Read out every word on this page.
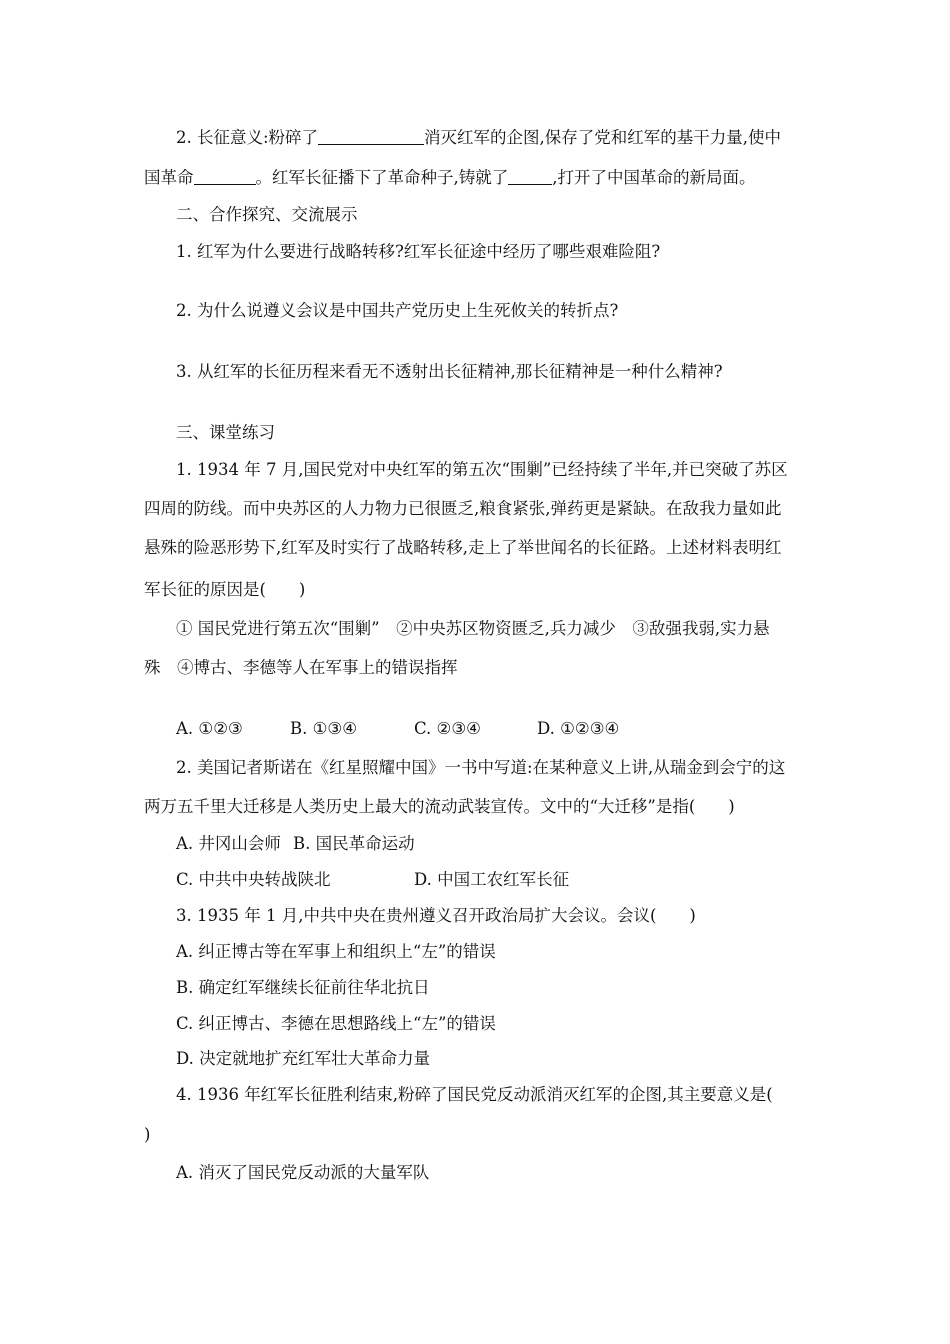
2. 长征意义:粉碎了	消灭红军的企图,保存了党和红军的基干力量,使中
国革命	。红军长征播下了革命种子,铸就了	,打开了中国革命的新局面。
二、合作探究、交流展示
1. 红军为什么要进行战略转移?红军长征途中经历了哪些艰难险阻?
2. 为什么说遵义会议是中国共产党历史上生死攸关的转折点?
3. 从红军的长征历程来看无不透射出长征精神,那长征精神是一种什么精神?
三、课堂练习
1. 1934 年 7 月,国民党对中央红军的第五次“围剿”已经持续了半年,并已突破了苏区
四周的防线。而中央苏区的人力物力已很匮乏,粮食紧张,弹药更是紧缺。在敌我力量如此
悬殊的险恶形势下,红军及时实行了战略转移,走上了举世闻名的长征路。上述材料表明红
军长征的原因是(　　)
① 国民党进行第五次“围剿”　②中央苏区物资匮乏,兵力减少　③敌强我弱,实力悬
殊　④博古、李德等人在军事上的错误指挥
A. ①②③	B. ①③④	C. ②③④	D. ①②③④
2. 美国记者斯诺在《红星照耀中国》一书中写道:在某种意义上讲,从瑞金到会宁的这
两万五千里大迁移是人类历史上最大的流动武装宣传。文中的“大迁移”是指(　　)
A. 井冈山会师 B. 国民革命运动
C. 中共中央转战陕北	D. 中国工农红军长征
3. 1935 年 1 月,中共中央在贵州遵义召开政治局扩大会议。会议(　　)
A. 纠正博古等在军事上和组织上“左”的错误
B. 确定红军继续长征前往华北抗日
C. 纠正博古、李德在思想路线上“左”的错误
D. 决定就地扩充红军壮大革命力量
4. 1936 年红军长征胜利结束,粉碎了国民党反动派消灭红军的企图,其主要意义是(
)
A. 消灭了国民党反动派的大量军队
